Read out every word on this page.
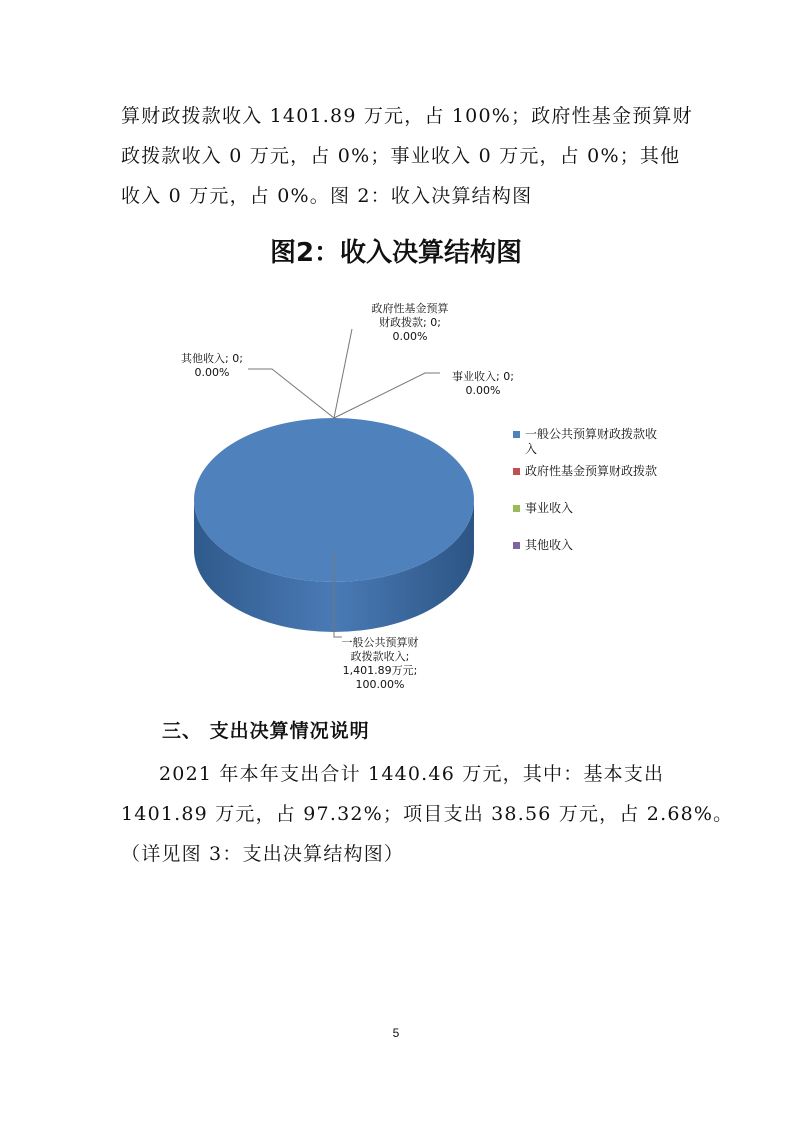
算财政拨款收入 1401.89 万元，占 100%；政府性基金预算财
政拨款收入 0 万元，占 0%；事业收入 0 万元，占 0%；其他
收入 0 万元，占 0%。图 2：收入决算结构图
图2：收入决算结构图
一般公共预算财政拨款收入; 1,401.89万元; 100.00%
政府性基金预算财政拨款; 0; 0.00%
事业收入; 0; 0.00%
其他收入; 0; 0.00%
一般公共预算财政拨款收入
政府性基金预算财政拨款
事业收入
其他收入
三、 支出决算情况说明
2021 年本年支出合计 1440.46 万元，其中：基本支出
1401.89 万元，占 97.32%；项目支出 38.56 万元，占 2.68%。
（详见图 3：支出决算结构图）
5
